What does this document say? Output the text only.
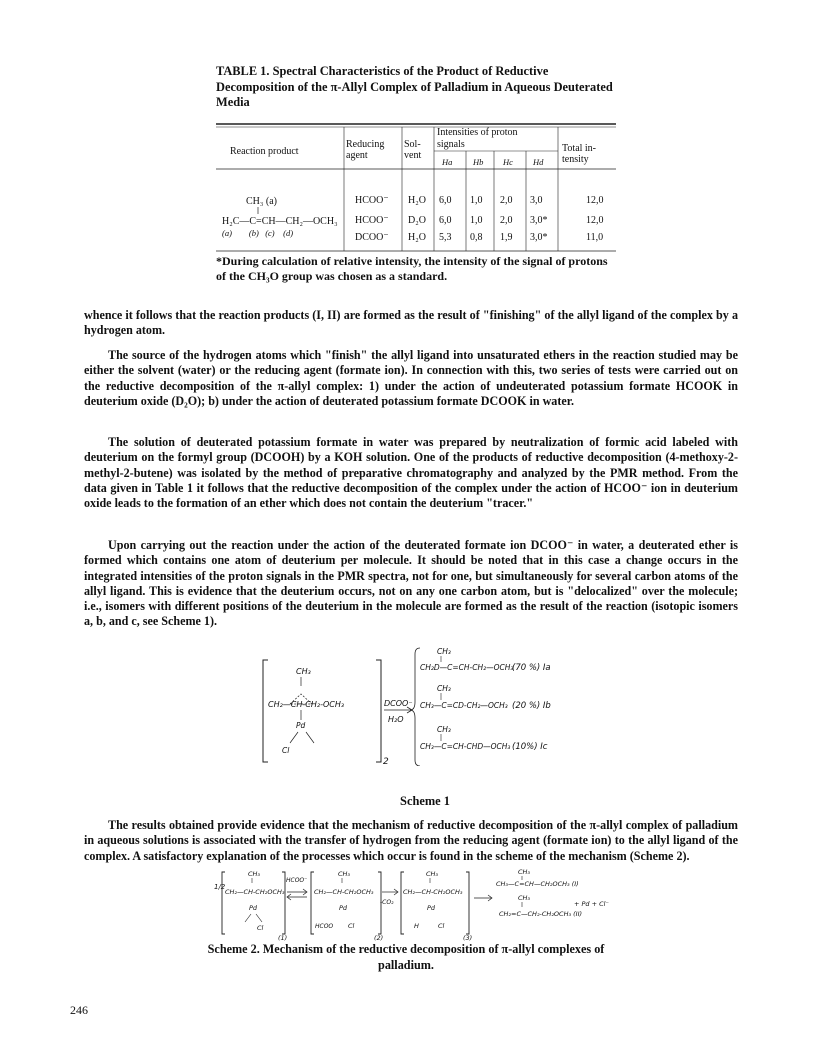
TABLE 1. Spectral Characteristics of the Product of Reductive Decomposition of the π-Allyl Complex of Palladium in Aqueous Deuterated Media
Reaction product
Reducing
agent
Sol-
vent
Intensities of proton
signals	Total in-
tensity
Ha Hb Hc Hd
CH₃ (a)
H₂C—C=CH—CH₂—OCH₃
(a)        (b)   (c)    (d)
HCOO⁻ H₂O 6,0 1,0 2,0 3,0	12,0
HCOO⁻ D₂O 6,0 1,0 2,0 3,0*	12,0
DCOO⁻ H₂O 5,3 0,8 1,9 3,0*	11,0
*During calculation of relative intensity, the intensity of the signal of protons of the CH₃O group was chosen as a standard.
whence it follows that the reaction products (I, II) are formed as the result of "finishing" of the allyl ligand of the complex by a hydrogen atom.
The source of the hydrogen atoms which "finish" the allyl ligand into unsaturated ethers in the reaction studied may be either the solvent (water) or the reducing agent (formate ion). In connection with this, two series of tests were carried out on the reductive decomposition of the π-allyl complex: 1) under the action of undeuterated potassium formate HCOOK in deuterium oxide (D₂O); b) under the action of deuterated potassium formate DCOOK in water.
The solution of deuterated potassium formate in water was prepared by neutralization of formic acid labeled with deuterium on the formyl group (DCOOH) by a KOH solution. One of the products of reductive decomposition (4-methoxy-2-methyl-2-butene) was isolated by the method of preparative chromatography and analyzed by the PMR method. From the data given in Table 1 it follows that the reductive decomposition of the complex under the action of HCOO⁻ ion in deuterium oxide leads to the formation of an ether which does not contain the deuterium "tracer."
Upon carrying out the reaction under the action of the deuterated formate ion DCOO⁻ in water, a deuterated ether is formed which contains one atom of deuterium per molecule. It should be noted that in this case a change occurs in the integrated intensities of the proton signals in the PMR spectra, not for one, but simultaneously for several carbon atoms of the allyl ligand. This is evidence that the deuterium occurs, not on any one carbon atom, but is "delocalized" over the molecule; i.e., isomers with different positions of the deuterium in the molecule are formed as the result of the reaction (isotopic isomers a, b, and c, see Scheme 1).
2
CH₃
CH₂—CH-CH₂-OCH₃
Pd
Cl
DCOO⁻
H₂O
CH₃
CH₂D—C=CH-CH₂—OCH₃
(70 %) Ia
CH₃
CH₃—C=CD-CH₂—OCH₃ (20 %) Ib
CH₃
CH₃—C=CH-CHD—OCH₃ (10%) Ic
Scheme 1
The results obtained provide evidence that the mechanism of reductive decomposition of the π-allyl complex of palladium in aqueous solutions is associated with the transfer of hydrogen from the reducing agent (formate ion) to the allyl ligand of the complex. A satisfactory explanation of the processes which occur is found in the scheme of the mechanism (Scheme 2).
1/2
CH₃
CH₂—CH-CH₂OCH₃
Pd
Cl
(1)
HCOO⁻
CH₃
CH₂—CH-CH₂OCH₃
Pd
HCOO Cl
(2)
-CO₂
CH₃
CH₂—CH-CH₂OCH₃
Pd
H	Cl
(3)
CH₃
CH₃—C=CH—CH₂OCH₃ (I)
CH₃
+ Pd + Cl⁻
CH₂=C—CH₂-CH₂OCH₃ (II)
Scheme 2. Mechanism of the reductive decomposition of π-allyl complexes of palladium.
246
